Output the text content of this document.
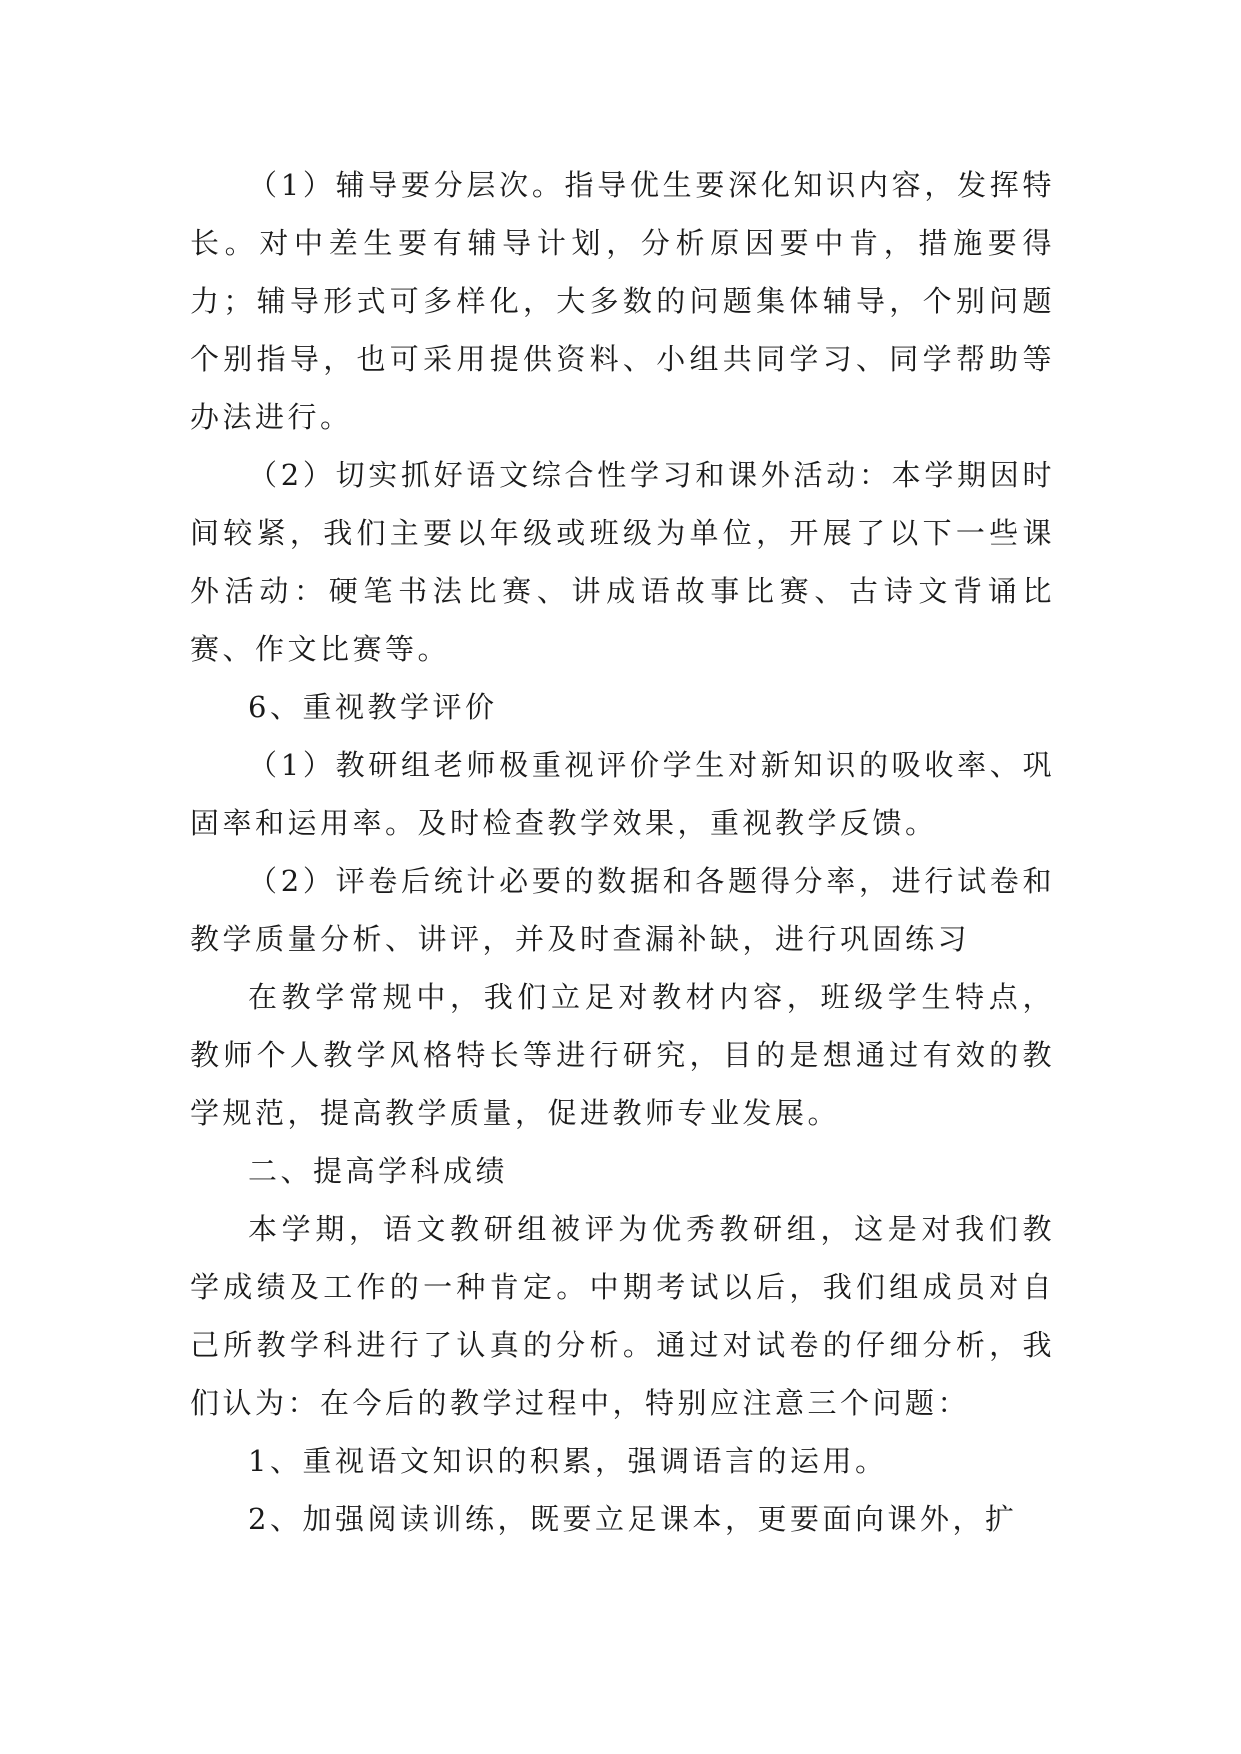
（1）辅导要分层次。指导优生要深化知识内容，发挥特长。对中差生要有辅导计划，分析原因要中肯，措施要得力；辅导形式可多样化，大多数的问题集体辅导，个别问题个别指导，也可采用提供资料、小组共同学习、同学帮助等办法进行。

（2）切实抓好语文综合性学习和课外活动：本学期因时间较紧，我们主要以年级或班级为单位，开展了以下一些课外活动：硬笔书法比赛、讲成语故事比赛、古诗文背诵比赛、作文比赛等。

6、重视教学评价

（1）教研组老师极重视评价学生对新知识的吸收率、巩固率和运用率。及时检查教学效果，重视教学反馈。

（2）评卷后统计必要的数据和各题得分率，进行试卷和教学质量分析、讲评，并及时查漏补缺，进行巩固练习

在教学常规中，我们立足对教材内容，班级学生特点，教师个人教学风格特长等进行研究，目的是想通过有效的教学规范，提高教学质量，促进教师专业发展。

二、提高学科成绩

本学期，语文教研组被评为优秀教研组，这是对我们教学成绩及工作的一种肯定。中期考试以后，我们组成员对自己所教学科进行了认真的分析。通过对试卷的仔细分析，我们认为：在今后的教学过程中，特别应注意三个问题：

1、重视语文知识的积累，强调语言的运用。

2、加强阅读训练，既要立足课本，更要面向课外，扩
